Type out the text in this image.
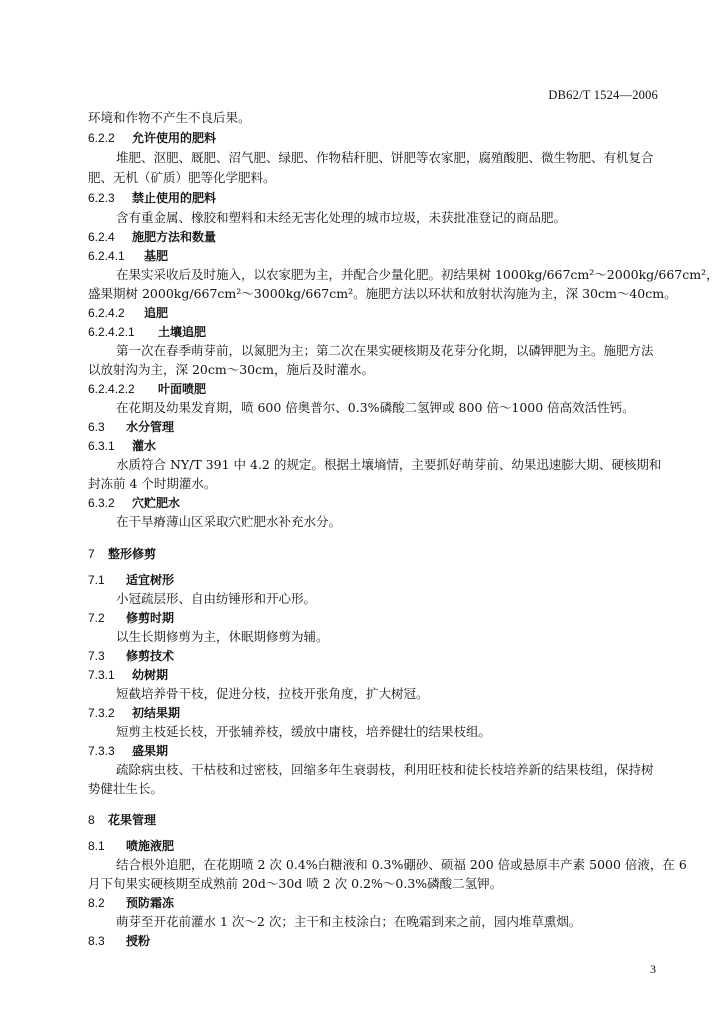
DB62/T 1524—2006
环境和作物不产生不良后果。
6.2.2 允许使用的肥料
堆肥、沤肥、厩肥、沼气肥、绿肥、作物秸秆肥、饼肥等农家肥，腐殖酸肥、微生物肥、有机复合
肥、无机（矿质）肥等化学肥料。
6.2.3 禁止使用的肥料
含有重金属、橡胶和塑料和未经无害化处理的城市垃圾，未获批准登记的商品肥。
6.2.4 施肥方法和数量
6.2.4.1 基肥
在果实采收后及时施入，以农家肥为主，并配合少量化肥。初结果树 1000kg/667cm²～2000kg/667cm²，
盛果期树 2000kg/667cm²～3000kg/667cm²。施肥方法以环状和放射状沟施为主，深 30cm～40cm。
6.2.4.2 追肥
6.2.4.2.1 土壤追肥
第一次在春季萌芽前，以氮肥为主；第二次在果实硬核期及花芽分化期，以磷钾肥为主。施肥方法
以放射沟为主，深 20cm～30cm，施后及时灌水。
6.2.4.2.2 叶面喷肥
在花期及幼果发育期，喷 600 倍奥普尔、0.3%磷酸二氢钾或 800 倍～1000 倍高效活性钙。
6.3 水分管理
6.3.1 灌水
水质符合 NY/T 391 中 4.2 的规定。根据土壤墒情，主要抓好萌芽前、幼果迅速膨大期、硬核期和
封冻前 4 个时期灌水。
6.3.2 穴贮肥水
在干旱瘠薄山区采取穴贮肥水补充水分。
7 整形修剪
7.1 适宜树形
小冠疏层形、自由纺锤形和开心形。
7.2 修剪时期
以生长期修剪为主，休眠期修剪为辅。
7.3 修剪技术
7.3.1 幼树期
短截培养骨干枝，促进分枝，拉枝开张角度，扩大树冠。
7.3.2 初结果期
短剪主枝延长枝，开张辅养枝，缓放中庸枝，培养健壮的结果枝组。
7.3.3 盛果期
疏除病虫枝、干枯枝和过密枝，回缩多年生衰弱枝，利用旺枝和徒长枝培养新的结果枝组，保持树
势健壮生长。
8 花果管理
8.1 喷施液肥
结合根外追肥，在花期喷 2 次 0.4%白糖液和 0.3%硼砂、硕福 200 倍或悬原丰产素 5000 倍液，在 6
月下旬果实硬核期至成熟前 20d～30d 喷 2 次 0.2%～0.3%磷酸二氢钾。
8.2 预防霜冻
萌芽至开花前灌水 1 次～2 次；主干和主枝涂白；在晚霜到来之前，园内堆草熏烟。
8.3 授粉
3
